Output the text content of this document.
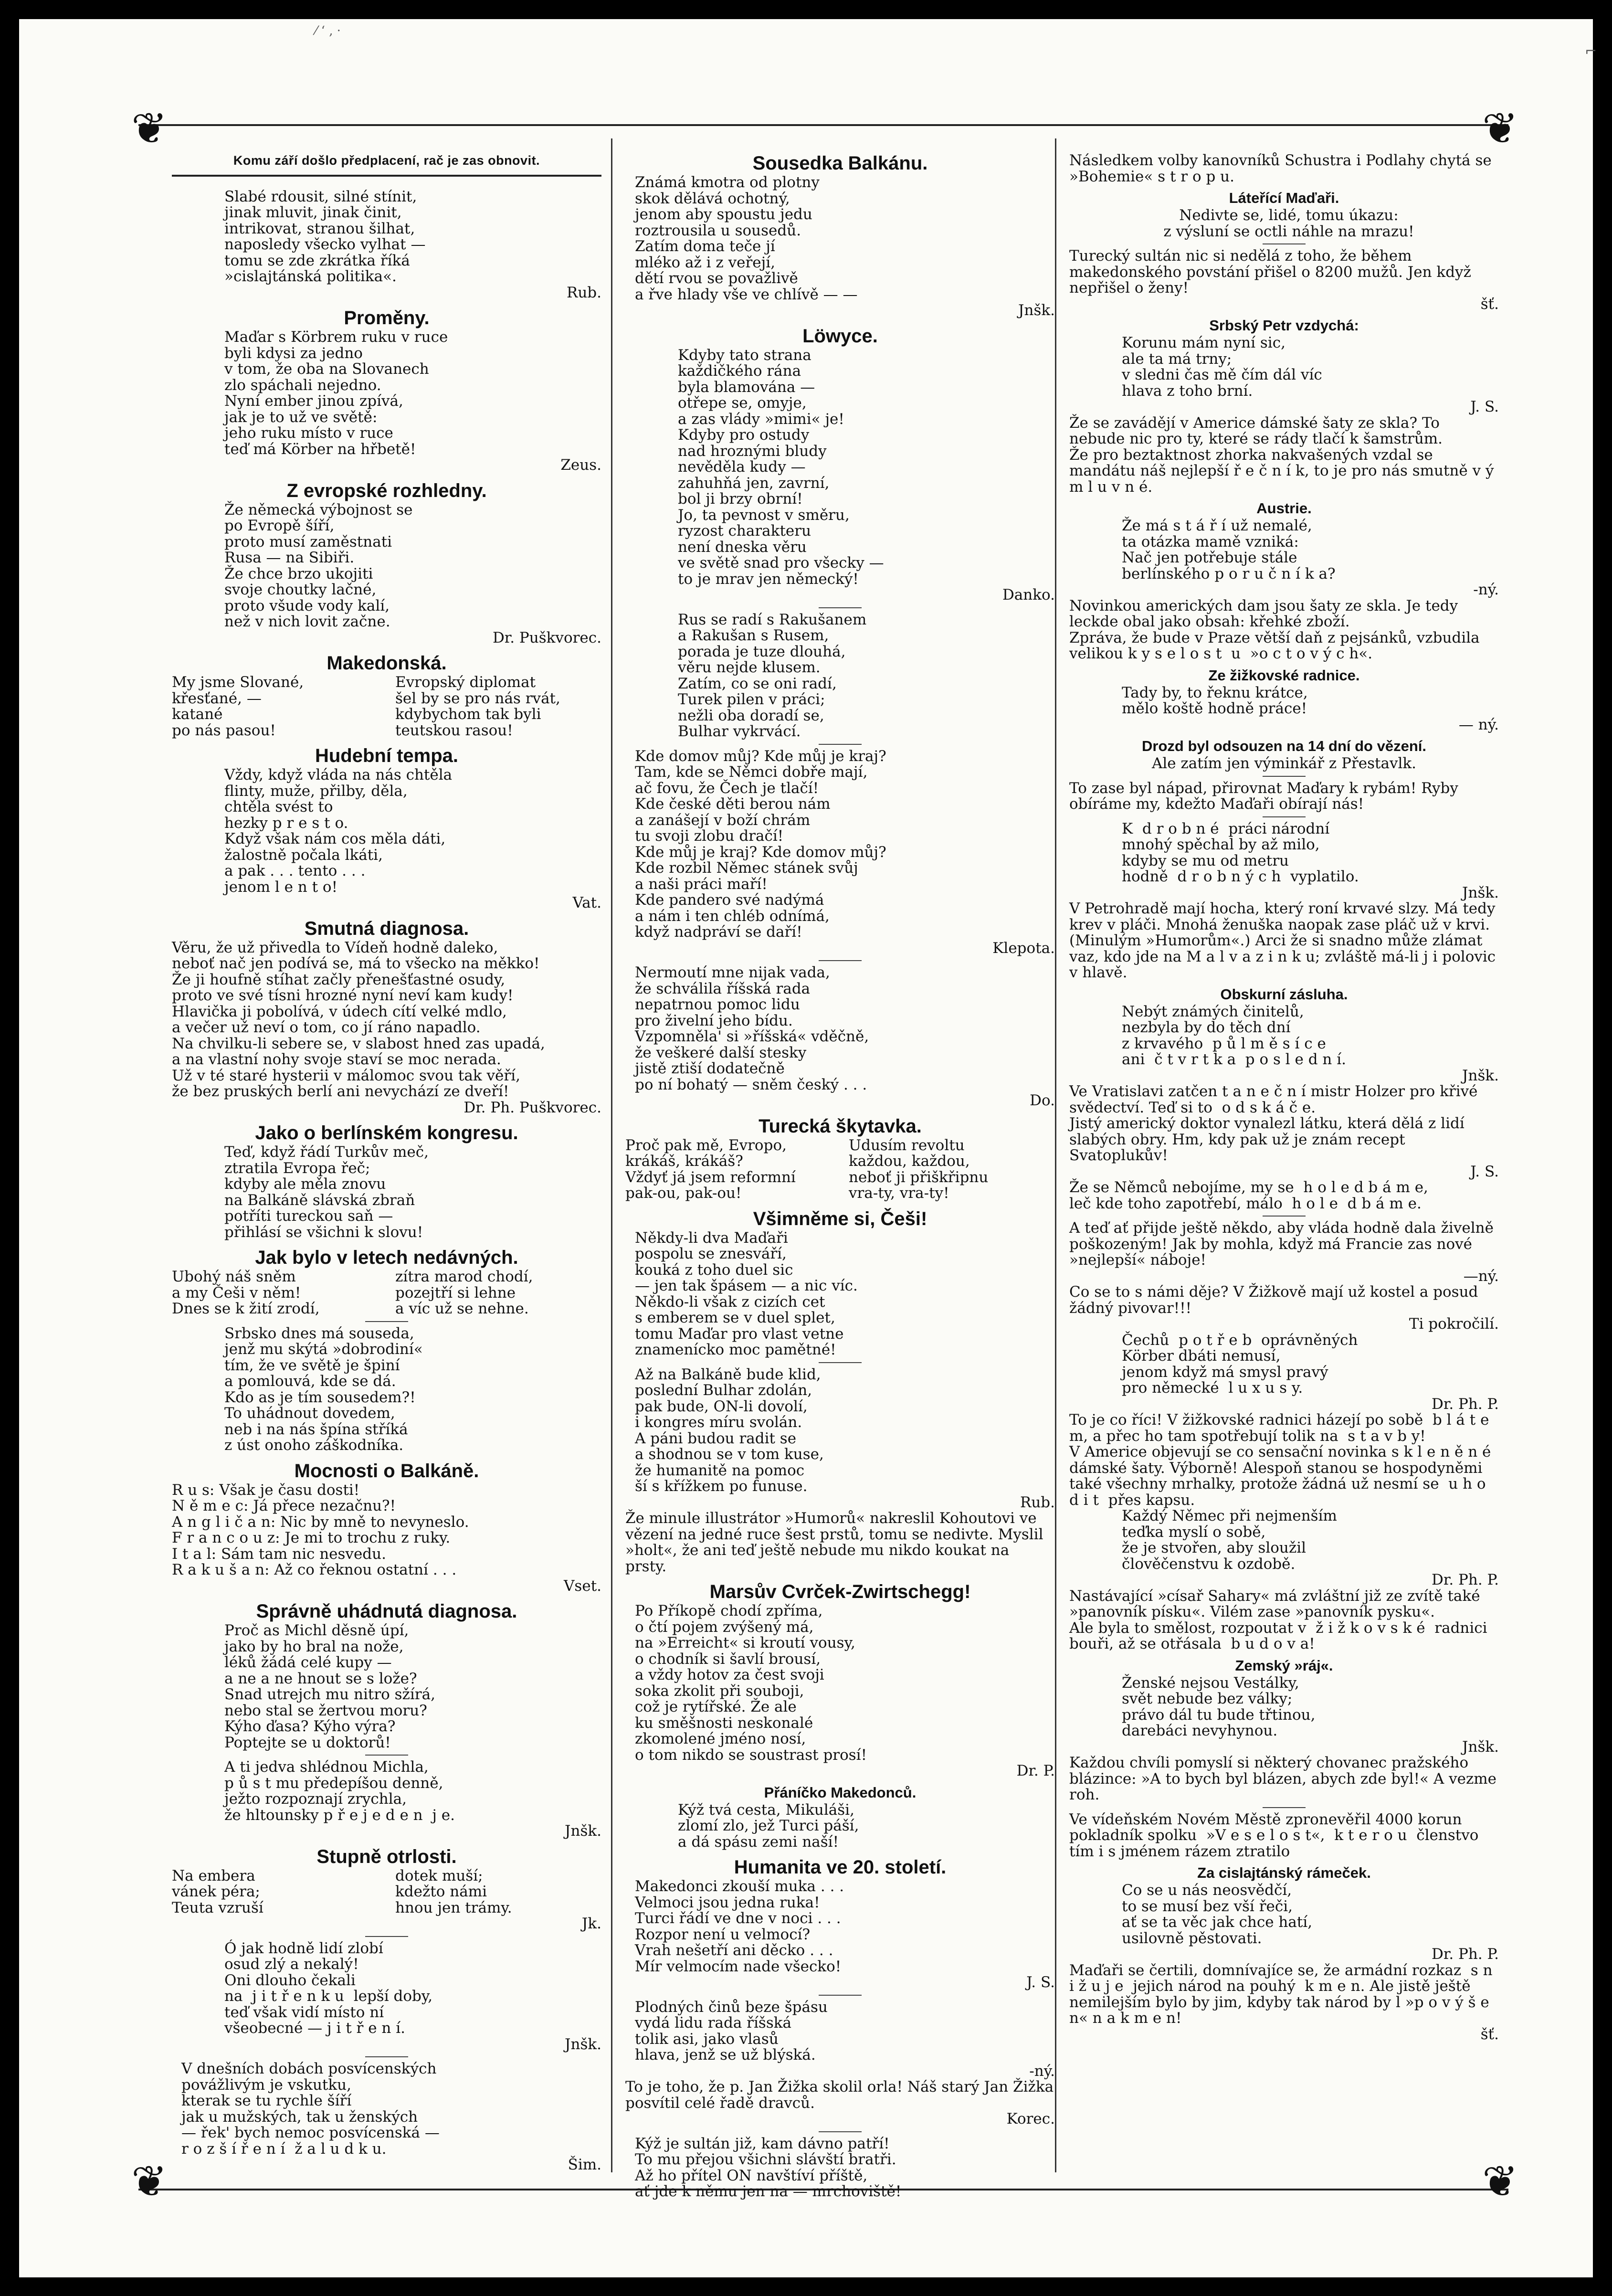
⁄ ‘ ‚ ·
⌐
❦	❦
❦	❦
Komu září došlo předplacení, rač je zas obnovit.

Slabé rdousit, silné stínit,
jinak mluvit, jinak činit,
intrikovat, stranou šilhat,
naposledy všecko vylhat —
tomu se zde zkrátka říká
»cislajtánská politika«.

Rub.

Proměny.

Maďar s Körbrem ruku v ruce
byli kdysi za jedno
v tom, že oba na Slovanech
zlo spáchali nejedno.
Nyní ember jinou zpívá,
jak je to už ve světě:
jeho ruku místo v ruce
teď má Körber na hřbetě!

Zeus.

Z evropské rozhledny.

Že německá výbojnost se
po Evropě šíří,
proto musí zaměstnati
Rusa — na Sibiři.
Že chce brzo ukojiti
svoje choutky lačné,
proto všude vody kalí,
než v nich lovit začne.

Dr. Puškvorec.

Makedonská.
My jsme Slované,
křesťané, —
katané
po nás pasou!
Evropský diplomat
šel by se pro nás rvát,
kdybychom tak byli
teutskou rasou!
Hudební tempa.

Vždy, když vláda na nás chtěla
flinty, muže, přilby, děla,
chtěla svést to
hezky p r e s t o.
Když však nám cos měla dáti,
žalostně počala lkáti,
a pak . . . tento . . .
jenom l e n t o!

Vat.

Smutná diagnosa.

Věru, že už přivedla to Vídeň hodně daleko,
neboť nač jen podívá se, má to všecko na měkko!
Že ji houfně stíhat začly přenešťastné osudy,
proto ve své tísni hrozné nyní neví kam kudy!
Hlavička ji pobolívá, v údech cítí velké mdlo,
a večer už neví o tom, co jí ráno napadlo.
Na chvilku-li sebere se, v slabost hned zas upadá,
a na vlastní nohy svoje staví se moc nerada.
Už v té staré hysterii v málomoc svou tak věří,
že bez pruských berlí ani nevychází ze dveří!

Dr. Ph. Puškvorec.

Jako o berlínském kongresu.

Teď, když řádí Turkův meč,
ztratila Evropa řeč;
kdyby ale měla znovu
na Balkáně slávská zbraň
potříti tureckou saň —
přihlásí se všichni k slovu!

Jak bylo v letech nedávných.
Ubohý náš sněm
a my Češi v něm!
Dnes se k žití zrodí,
zítra marod chodí,
pozejtří si lehne
a víc už se nehne.

Srbsko dnes má souseda,
jenž mu skýtá »dobrodiní«
tím, že ve světě je špiní
a pomlouvá, kde se dá.
Kdo as je tím sousedem?!
To uhádnout dovedem,
neb i na nás špína stříká
z úst onoho záškodníka.

Mocnosti o Balkáně.

R u s: Však je času dosti!
N ě m e c: Já přece nezačnu?!
A n g l i č a n: Nic by mně to nevyneslo.
F r a n c o u z: Je mi to trochu z ruky.
I t a l: Sám tam nic nesvedu.
R a k u š a n: Až co řeknou ostatní . . .

Vset.

Správně uhádnutá diagnosa.

Proč as Michl děsně úpí,
jako by ho bral na nože,
léků žádá celé kupy —
a ne a ne hnout se s lože?
Snad utrejch mu nitro sžírá,
nebo stal se žertvou moru?
Kýho ďasa? Kýho výra?
Poptejte se u doktorů!

A ti jedva shlédnou Michla,
p ů s t mu předepíšou denně,
ježto rozpoznají zrychla,
že hltounsky p ř e j e d e n  j e.

Jnšk.

Stupně otrlosti.
Na embera
vánek péra;
Teuta vzruší
dotek muší;
kdežto námi
hnou jen trámy.

Jk.

Ó jak hodně lidí zlobí
osud zlý a nekalý!
Oni dlouho čekali
na  j i t ř e n k u  lepší doby,
teď však vidí místo ní
všeobecné — j i t ř e n í.

Jnšk.

V dnešních dobách posvícenských
povážlivým je vskutku,
kterak se tu rychle šíří
jak u mužských, tak u ženských
— řek' bych nemoc posvícenská —
r o z š í ř e n í  ž a l u d k u.

Šim.

Sousedka Balkánu.

Známá kmotra od plotny
skok dělává ochotný,
jenom aby spoustu jedu
roztrousila u sousedů.
Zatím doma teče jí
mléko až i z veřejí,
dětí rvou se považlivě
a řve hlady vše ve chlívě — —

Jnšk.

Löwyce.

Kdyby tato strana
každičkého rána
byla blamována —
otřepe se, omyje,
a zas vlády »mimi« je!
Kdyby pro ostudy
nad hroznými bludy
nevěděla kudy —
zahuhňá jen, zavrní,
bol ji brzy obrní!
Jo, ta pevnost v směru,
ryzost charakteru
není dneska věru
ve světě snad pro všecky —
to je mrav jen německý!

Danko.

Rus se radí s Rakušanem
a Rakušan s Rusem,
porada je tuze dlouhá,
věru nejde klusem.
Zatím, co se oni radí,
Turek pilen v práci;
nežli oba doradí se,
Bulhar vykrvácí.

Kde domov můj? Kde můj je kraj?
Tam, kde se Němci dobře mají,
ač fovu, že Čech je tlačí!
Kde české děti berou nám
a zanášejí v boží chrám
tu svoji zlobu dračí!
Kde můj je kraj? Kde domov můj?
Kde rozbil Němec stánek svůj
a naši práci maří!
Kde pandero své nadýmá
a nám i ten chléb odnímá,
když nadpráví se daří!

Klepota.

Nermoutí mne nijak vada,
že schválila říšská rada
nepatrnou pomoc lidu
pro živelní jeho bídu.
Vzpomněla' si »říšská« vděčně,
že veškeré další stesky
jistě ztiší dodatečně
po ní bohatý — sněm český . . .

Do.

Turecká škytavka.
Proč pak mě, Evropo,
krákáš, krákáš?
Vždyť já jsem reformní
pak-ou, pak-ou!
Udusím revoltu
každou, každou,
neboť ji přiškřipnu
vra-ty, vra-ty!
Všimněme si, Češi!

Někdy-li dva Maďaři
pospolu se znesváří,
kouká z toho duel sic
— jen tak špásem — a nic víc.
Někdo-li však z cizích cet
s emberem se v duel splet,
tomu Maďar pro vlast vetne
znamenícko moc pamětné!

Až na Balkáně bude klid,
poslední Bulhar zdolán,
pak bude, ON-li dovolí,
i kongres míru svolán.
A páni budou radit se
a shodnou se v tom kuse,
že humanitě na pomoc
ší s křížkem po funuse.

Rub.

Že minule illustrátor »Humorů« nakreslil Kohoutovi ve vězení na jedné ruce šest prstů, tomu se nedivte. Myslil »holt«, že ani teď ještě nebude mu nikdo koukat na prsty.

Marsův Cvrček-Zwirtschegg!

Po Příkopě chodí zpříma,
o čtí pojem zvýšený má,
na »Erreicht« si kroutí vousy,
o chodník si šavlí brousí,
a vždy hotov za čest svoji
soka zkolit při souboji,
což je rytířské. Že ale
ku směšnosti neskonalé
zkomolené jméno nosí,
o tom nikdo se soustrast prosí!

Dr. P.

Přáníčko Makedonců.

Kýž tvá cesta, Mikuláši,
zlomí zlo, jež Turci páší,
a dá spásu zemi naší!

Humanita ve 20. století.

Makedonci zkouší muka . . .
Velmoci jsou jedna ruka!
Turci řádí ve dne v noci . . .
Rozpor není u velmocí?
Vrah nešetří ani děcko . . .
Mír velmocím nade všecko!

J. S.

Plodných činů beze špásu
vydá lidu rada říšská
tolik asi, jako vlasů
hlava, jenž se už blýská.

-ný.

To je toho, že p. Jan Žižka skolil orla! Náš starý Jan Žižka posvítil celé řadě dravců.

Korec.

Kýž je sultán již, kam dávno patří!
To mu přejou všichni slávští bratři.
Až ho přítel ON navštíví příště,
ať jde k němu jen na — mrchoviště!

Následkem volby kanovníků Schustra i Podlahy chytá se »Bohemie« s t r o p u.

Láteřící Maďaři.

Nedivte se, lidé, tomu úkazu:
z výsluní se octli náhle na mrazu!

Turecký sultán nic si nedělá z toho, že během makedonského povstání přišel o 8200 mužů. Jen když nepřišel o ženy!

šť.

Srbský Petr vzdychá:

Korunu mám nyní sic,
ale ta má trny;
v sledni čas mě čím dál víc
hlava z toho brní.

J. S.

Že se zavádějí v Americe dámské šaty ze skla? To nebude nic pro ty, které se rády tlačí k šamstrům.

Že pro beztaktnost zhorka nakvašených vzdal se mandátu náš nejlepší ř e č n í k, to je pro nás smutně v ý m l u v n é.

Austrie.

Že má s t á ř í už nemalé,
ta otázka mamě vzniká:
Nač jen potřebuje stále
berlínského p o r u č n í k a?

-ný.

Novinkou amerických dam jsou šaty ze skla. Je tedy leckde obal jako obsah: křehké zboží.

Zpráva, že bude v Praze větší daň z pejsánků, vzbudila velikou k y s e l o s t  u  »o c t o v ý c h«.

Ze žižkovské radnice.

Tady by, to řeknu krátce,
mělo koště hodně práce!

— ný.

Drozd byl odsouzen na 14 dní do vězení.

Ale zatím jen výminkář z Přestavlk.

To zase byl nápad, přirovnat Maďary k rybám! Ryby obíráme my, kdežto Maďaři obírají nás!

K  d r o b n é  práci národní
mnohý spěchal by až milo,
kdyby se mu od metru
hodně  d r o b n ý c h  vyplatilo.

Jnšk.

V Petrohradě mají hocha, který roní krvavé slzy. Má tedy krev v pláči. Mnohá ženuška naopak zase pláč už v krvi.

(Minulým »Humorům«.) Arci že si snadno může zlámat vaz, kdo jde na M a l v a z i n k u; zvláště má-li j i polovic v hlavě.

Obskurní zásluha.

Nebýt známých činitelů,
nezbyla by do těch dní
z krvavého  p ů l m ě s í c e
ani  č t v r t k a  p o s l e d n í.

Jnšk.

Ve Vratislavi zatčen t a n e č n í mistr Holzer pro křivé svědectví. Teď si to  o d s k á č e.

Jistý americký doktor vynalezl látku, která dělá z lidí slabých obry. Hm, kdy pak už je znám recept Svatoplukův!

J. S.

Že se Němců nebojíme, my se  h o l e d b á m e,
leč kde toho zapotřebí, málo  h o l e  d b á m e.

A teď ať přijde ještě někdo, aby vláda hodně dala živelně poškozeným! Jak by mohla, když má Francie zas nové »nejlepší« náboje!

—ný.

Co se to s námi děje? V Žižkově mají už kostel a posud žádný pivovar!!!

Ti pokročilí.

Čechů  p o t ř e b  oprávněných
Körber dbáti nemusí,
jenom když má smysl pravý
pro německé  l u x u s y.

Dr. Ph. P.

To je co říci! V žižkovské radnici házejí po sobě  b l á t e m, a přec ho tam spotřebují tolik na  s t a v b y!

V Americe objevují se co sensační novinka s k l e n ě n é  dámské šaty. Výborně! Alespoň stanou se hospodyněmi také všechny mrhalky, protože žádná už nesmí se  u h o d i t  přes kapsu.

Každý Němec při nejmenším
teďka myslí o sobě,
že je stvořen, aby sloužil
člověčenstvu k ozdobě.

Dr. Ph. P.

Nastávající »císař Sahary« má zvláštní již ze zvítě také »panovník písku«. Vilém zase »panovník pysku«.

Ale byla to smělost, rozpoutat v  ž i ž k o v s k é  radnici bouři, až se otřásala  b u d o v a!

Zemský »ráj«.

Ženské nejsou Vestálky,
svět nebude bez války;
právo dál tu bude třtinou,
darebáci nevyhynou.

Jnšk.

Každou chvíli pomyslí si některý chovanec pražského blázince: »A to bych byl blázen, abych zde byl!« A vezme roh.

Ve vídeňském Novém Městě zpronevěřil 4000 korun pokladník spolku  »V e s e l o s t«,  k t e r o u  členstvo tím i s jménem rázem ztratilo

Za cislajtánský rámeček.

Co se u nás neosvědčí,
to se musí bez vší řeči,
ať se ta věc jak chce hatí,
usilovně pěstovati.

Dr. Ph. P.

Maďaři se čertili, domnívajíce se, že armádní rozkaz  s n i ž u j e  jejich národ na pouhý  k m e n. Ale jistě ještě nemilejším bylo by jim, kdyby tak národ by l »p o v ý š e n« n a k m e n!

šť.
